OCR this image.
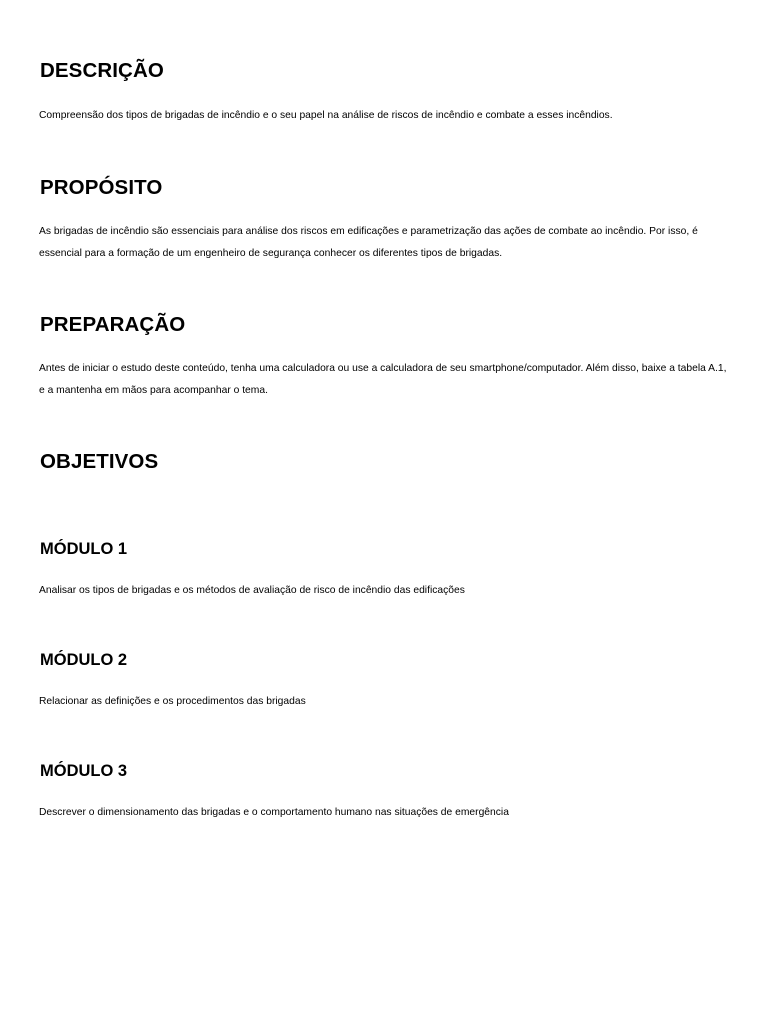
DESCRIÇÃO

Compreensão dos tipos de brigadas de incêndio e o seu papel na análise de riscos de incêndio e combate a esses incêndios.

PROPÓSITO

As brigadas de incêndio são essenciais para análise dos riscos em edificações e parametrização das ações de combate ao incêndio. Por isso, é essencial para a formação de um engenheiro de segurança conhecer os diferentes tipos de brigadas.

PREPARAÇÃO

Antes de iniciar o estudo deste conteúdo, tenha uma calculadora ou use a calculadora de seu smartphone/computador. Além disso, baixe a tabela A.1, e a mantenha em mãos para acompanhar o tema.

OBJETIVOS
MÓDULO 1

Analisar os tipos de brigadas e os métodos de avaliação de risco de incêndio das edificações

MÓDULO 2

Relacionar as definições e os procedimentos das brigadas

MÓDULO 3

Descrever o dimensionamento das brigadas e o comportamento humano nas situações de emergência
